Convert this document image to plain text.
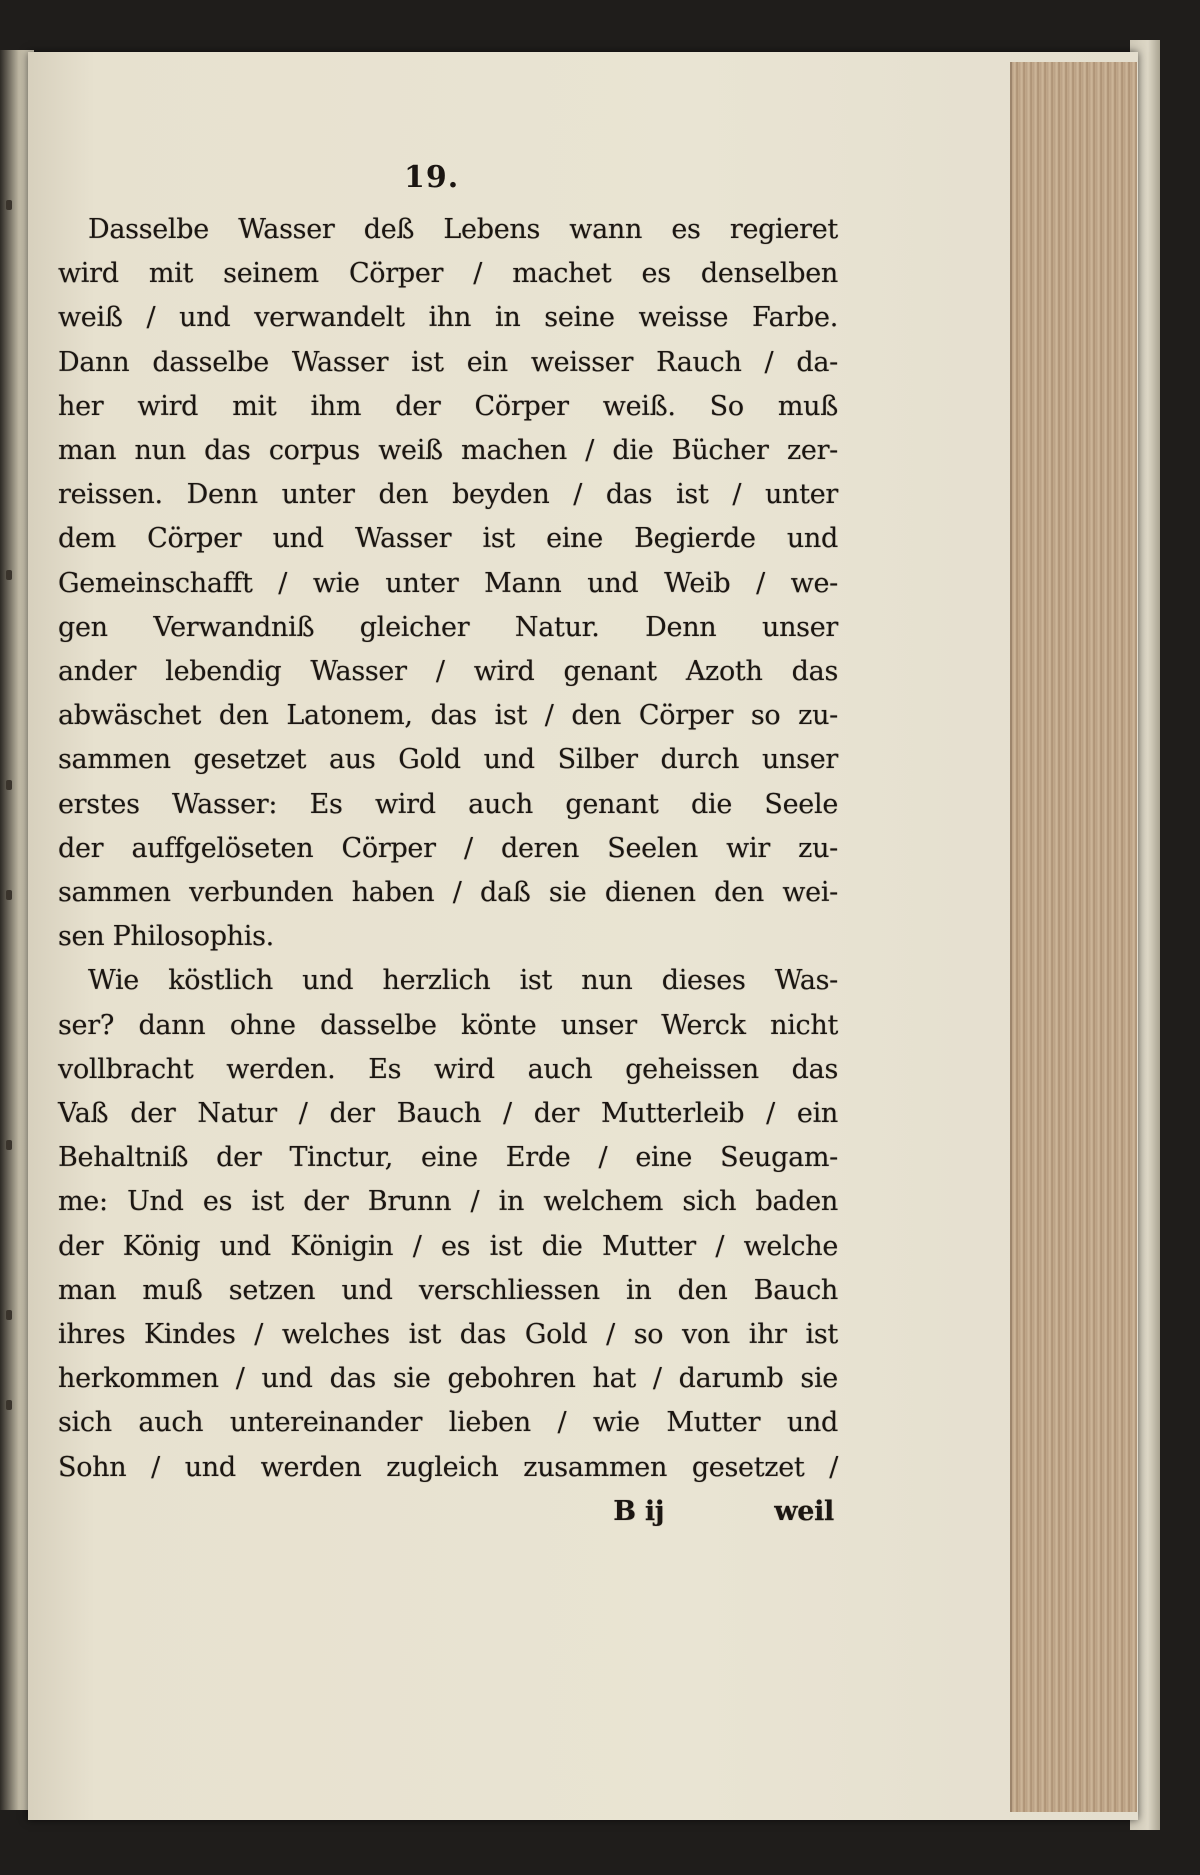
19.
Dasselbe Wasser deß Lebens wann es regieret
wird mit seinem Cörper / machet es denselben
weiß / und verwandelt ihn in seine weisse Farbe.
Dann dasselbe Wasser ist ein weisser Rauch / da-
her wird mit ihm der Cörper weiß. So muß
man nun das corpus weiß machen / die Bücher zer-
reissen. Denn unter den beyden / das ist / unter
dem Cörper und Wasser ist eine Begierde und
Gemeinschafft / wie unter Mann und Weib / we-
gen Verwandniß gleicher Natur. Denn unser
ander lebendig Wasser / wird genant Azoth das
abwäschet den Latonem, das ist / den Cörper so zu-
sammen gesetzet aus Gold und Silber durch unser
erstes Wasser: Es wird auch genant die Seele
der auffgelöseten Cörper / deren Seelen wir zu-
sammen verbunden haben / daß sie dienen den wei-
sen Philosophis.
Wie köstlich und herzlich ist nun dieses Was-
ser? dann ohne dasselbe könte unser Werck nicht
vollbracht werden. Es wird auch geheissen das
Vaß der Natur / der Bauch / der Mutterleib / ein
Behaltniß der Tinctur, eine Erde / eine Seugam-
me: Und es ist der Brunn / in welchem sich baden
der König und Königin / es ist die Mutter / welche
man muß setzen und verschliessen in den Bauch
ihres Kindes / welches ist das Gold / so von ihr ist
herkommen / und das sie gebohren hat / darumb sie
sich auch untereinander lieben / wie Mutter und
Sohn / und werden zugleich zusammen gesetzet /
B ij	weil
